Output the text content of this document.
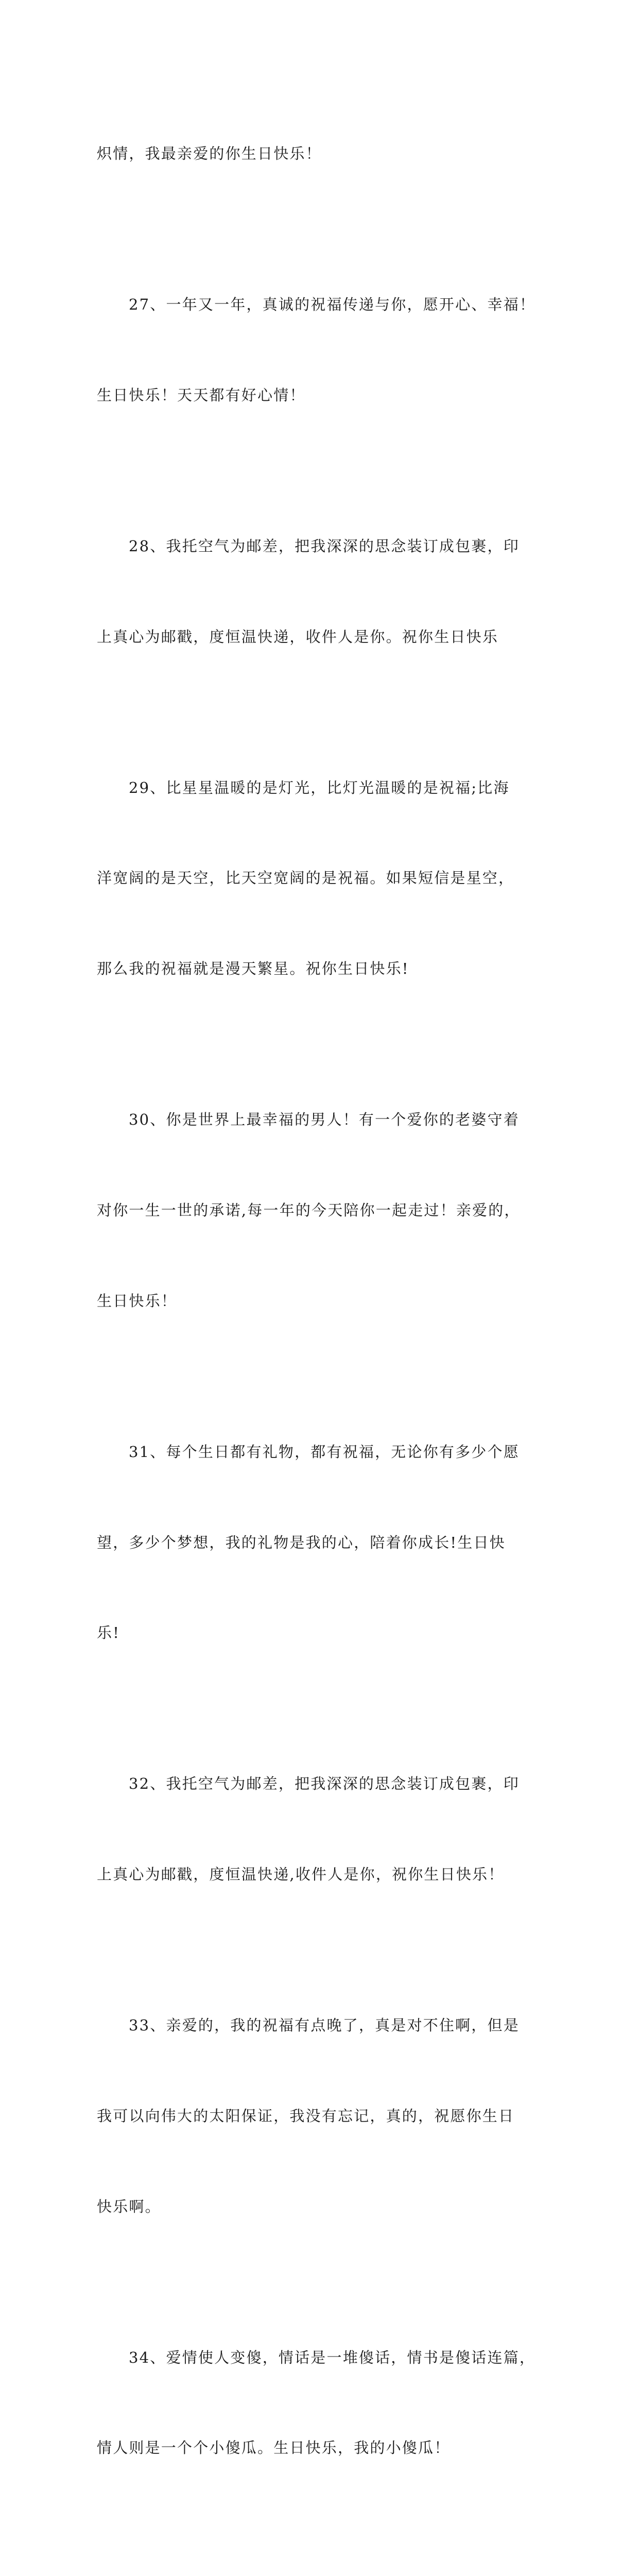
炽情，我最亲爱的你生日快乐！

27、一年又一年，真诚的祝福传递与你，愿开心、幸福！

生日快乐！天天都有好心情！

28、我托空气为邮差，把我深深的思念装订成包裹，印

上真心为邮戳，度恒温快递，收件人是你。祝你生日快乐

29、比星星温暖的是灯光，比灯光温暖的是祝福;比海

洋宽阔的是天空，比天空宽阔的是祝福。如果短信是星空，

那么我的祝福就是漫天繁星。祝你生日快乐!

30、你是世界上最幸福的男人！有一个爱你的老婆守着

对你一生一世的承诺,每一年的今天陪你一起走过！亲爱的，

生日快乐！

31、每个生日都有礼物，都有祝福，无论你有多少个愿

望，多少个梦想，我的礼物是我的心，陪着你成长!生日快

乐!

32、我托空气为邮差，把我深深的思念装订成包裹，印

上真心为邮戳，度恒温快递,收件人是你，祝你生日快乐！

33、亲爱的，我的祝福有点晚了，真是对不住啊，但是

我可以向伟大的太阳保证，我没有忘记，真的，祝愿你生日

快乐啊。

34、爱情使人变傻，情话是一堆傻话，情书是傻话连篇，

情人则是一个个小傻瓜。生日快乐，我的小傻瓜！
